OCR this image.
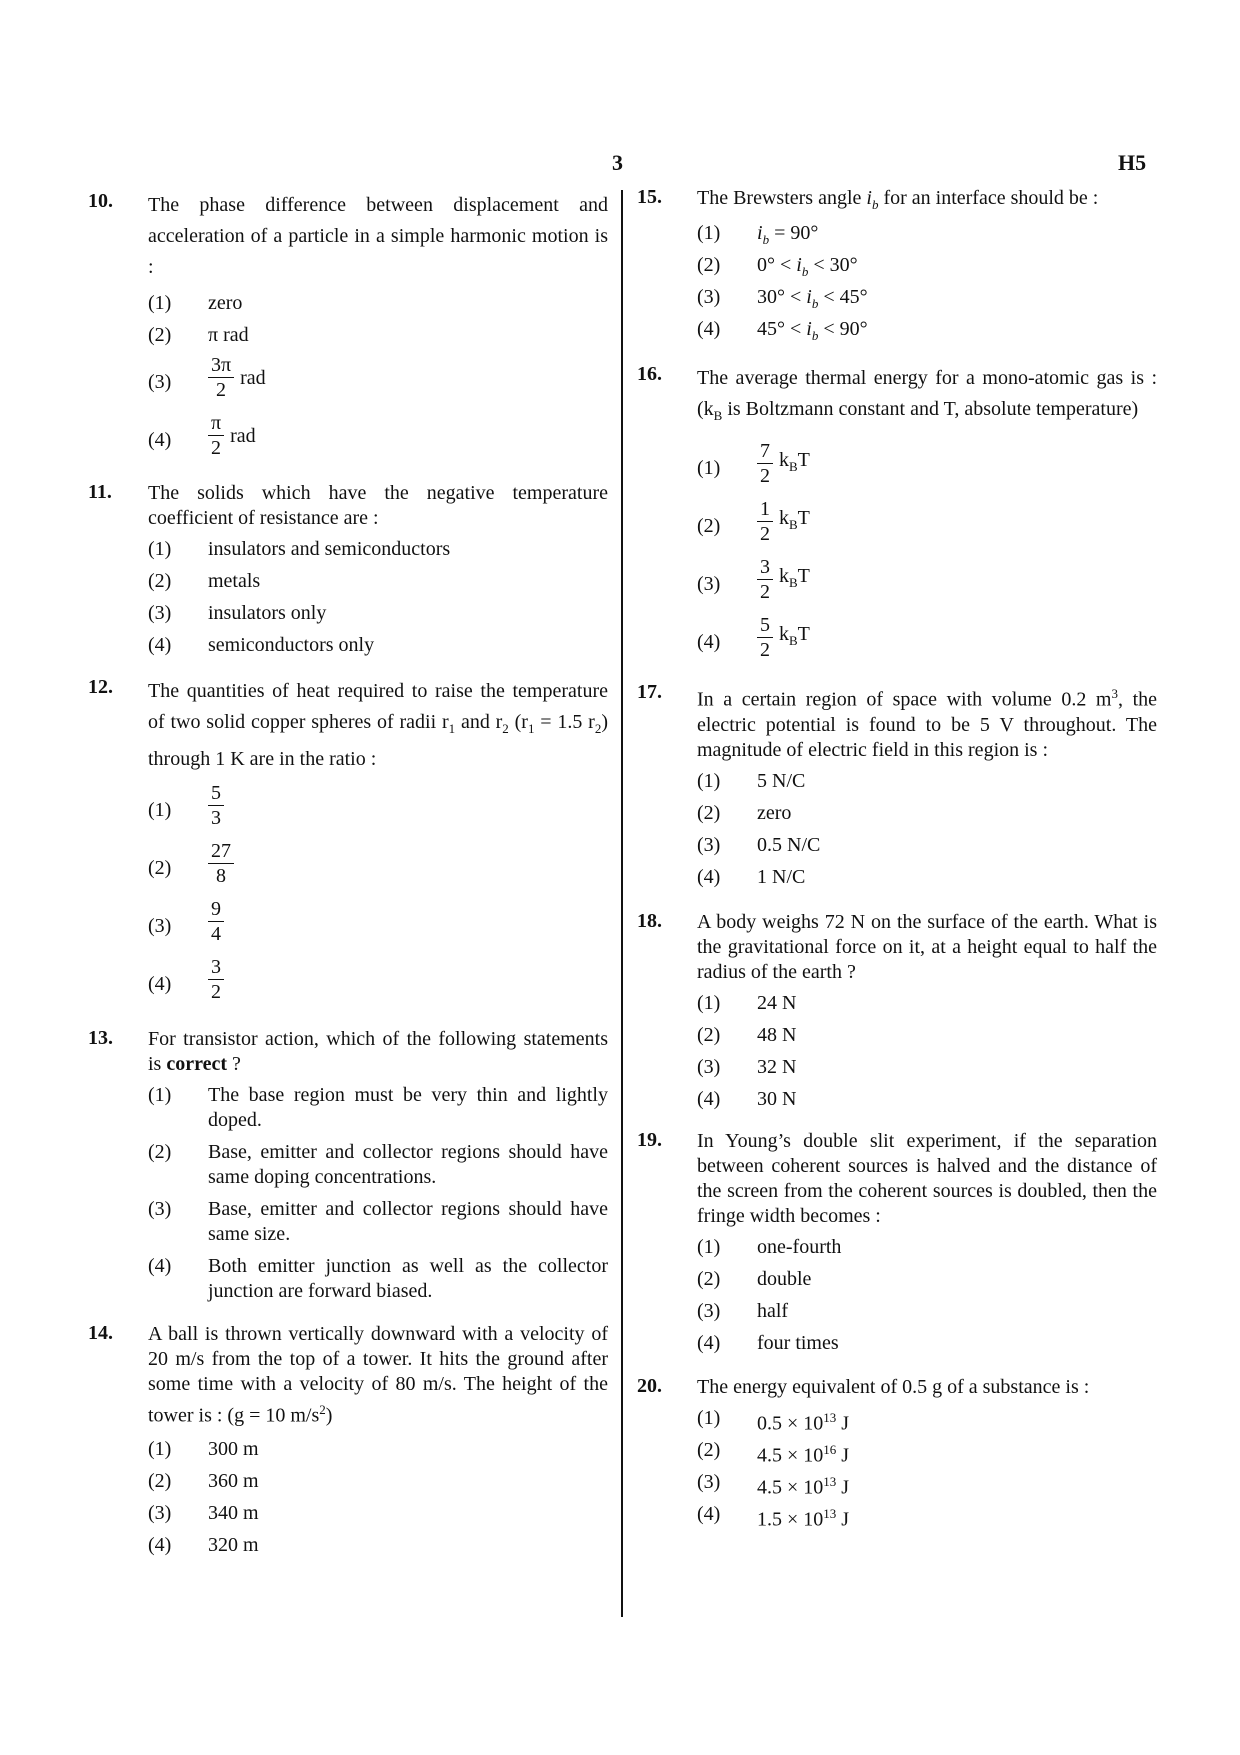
3	H5
10. The phase difference between displacement and acceleration of a particle in a simple harmonic motion is :
(1) zero
(2) π rad
$(3) \frac{3\pi}{2}$ rad
$(4) \frac{\pi}{2}$ rad
11. The solids which have the negative temperature coefficient of resistance are :
(1) insulators and semiconductors
(2) metals
(3) insulators only
(4) semiconductors only
12. The quantities of heat required to raise the temperature of two solid copper spheres of radii $r_1$ and $r_2$ ($r_1 = 1.5$ $r_2$) through 1 K are in the ratio :
$(1) \frac{5}{3}$
$(2) \frac{27}{8}$
$(3) \frac{9}{4}$
$(4) \frac{3}{2}$
13. For transistor action, which of the following statements is correct ?
(1) The base region must be very thin and lightly doped.
(2) Base, emitter and collector regions should have same doping concentrations.
(3) Base, emitter and collector regions should have same size.
(4) Both emitter junction as well as the collector junction are forward biased.
14. A ball is thrown vertically downward with a velocity of 20 m/s from the top of a tower. It hits the ground after some time with a velocity of 80 m/s. The height of the tower is : (g = 10 $m/s^2$)
(1) 300 m
(2) 360 m
(3) 340 m
(4) 320 m
15. The Brewsters angle $i_b$ for an interface should be :
(1) $i_b = 90^\circ$
(2) $0^\circ < i_b < 30^\circ$
(3) $30^\circ < i_b < 45^\circ$
(4) $45^\circ < i_b < 90^\circ$
16. The average thermal energy for a mono-atomic gas is : ($k_B$ is Boltzmann constant and T, absolute temperature)
$(1) \frac{7}{2} k_BT$
$(2) \frac{1}{2} k_BT$
$(3) \frac{3}{2} k_BT$
$(4) \frac{5}{2} k_BT$
17. In a certain region of space with volume 0.2 $m^3$, the electric potential is found to be 5 V throughout. The magnitude of electric field in this region is :
(1) 5 N/C
(2) zero
(3) 0.5 N/C
(4) 1 N/C
18. A body weighs 72 N on the surface of the earth. What is the gravitational force on it, at a height equal to half the radius of the earth ?
(1) 24 N
(2) 48 N
(3) 32 N
(4) 30 N
19. In Young’s double slit experiment, if the separation between coherent sources is halved and the distance of the screen from the coherent sources is doubled, then the fringe width becomes :
(1) one-fourth
(2) double
(3) half
(4) four times
20. The energy equivalent of 0.5 g of a substance is :
(1) $0.5 \times 10^{13}$ J
(2) $4.5 \times 10^{16}$ J
(3) $4.5 \times 10^{13}$ J
(4) $1.5 \times 10^{13}$ J
